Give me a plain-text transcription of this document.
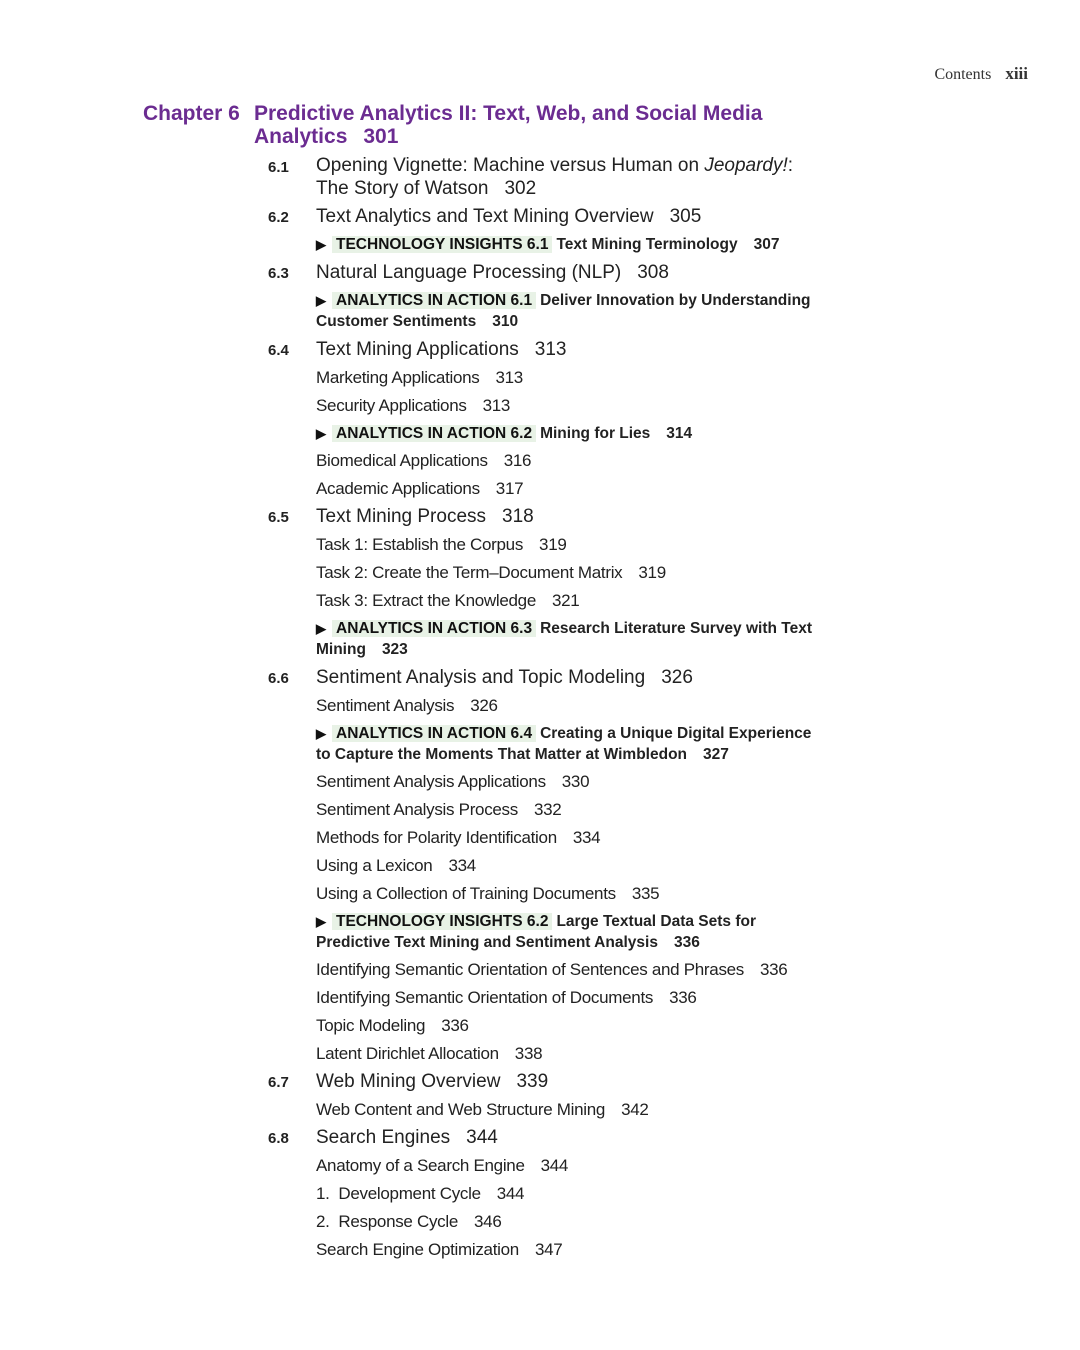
Contents xiii
Chapter 6 Predictive Analytics II: Text, Web, and Social Media Analytics 301
6.1 Opening Vignette: Machine versus Human on Jeopardy!: The Story of Watson 302
6.2 Text Analytics and Text Mining Overview 305
▶ TECHNOLOGY INSIGHTS 6.1 Text Mining Terminology 307
6.3 Natural Language Processing (NLP) 308
▶ ANALYTICS IN ACTION 6.1 Deliver Innovation by Understanding Customer Sentiments 310
6.4 Text Mining Applications 313
Marketing Applications 313
Security Applications 313
▶ ANALYTICS IN ACTION 6.2 Mining for Lies 314
Biomedical Applications 316
Academic Applications 317
6.5 Text Mining Process 318
Task 1: Establish the Corpus 319
Task 2: Create the Term–Document Matrix 319
Task 3: Extract the Knowledge 321
▶ ANALYTICS IN ACTION 6.3 Research Literature Survey with Text Mining 323
6.6 Sentiment Analysis and Topic Modeling 326
Sentiment Analysis 326
▶ ANALYTICS IN ACTION 6.4 Creating a Unique Digital Experience to Capture the Moments That Matter at Wimbledon 327
Sentiment Analysis Applications 330
Sentiment Analysis Process 332
Methods for Polarity Identification 334
Using a Lexicon 334
Using a Collection of Training Documents 335
▶ TECHNOLOGY INSIGHTS 6.2 Large Textual Data Sets for Predictive Text Mining and Sentiment Analysis 336
Identifying Semantic Orientation of Sentences and Phrases 336
Identifying Semantic Orientation of Documents 336
Topic Modeling 336
Latent Dirichlet Allocation 338
6.7 Web Mining Overview 339
Web Content and Web Structure Mining 342
6.8 Search Engines 344
Anatomy of a Search Engine 344
1.  Development Cycle 344
2.  Response Cycle 346
Search Engine Optimization 347
